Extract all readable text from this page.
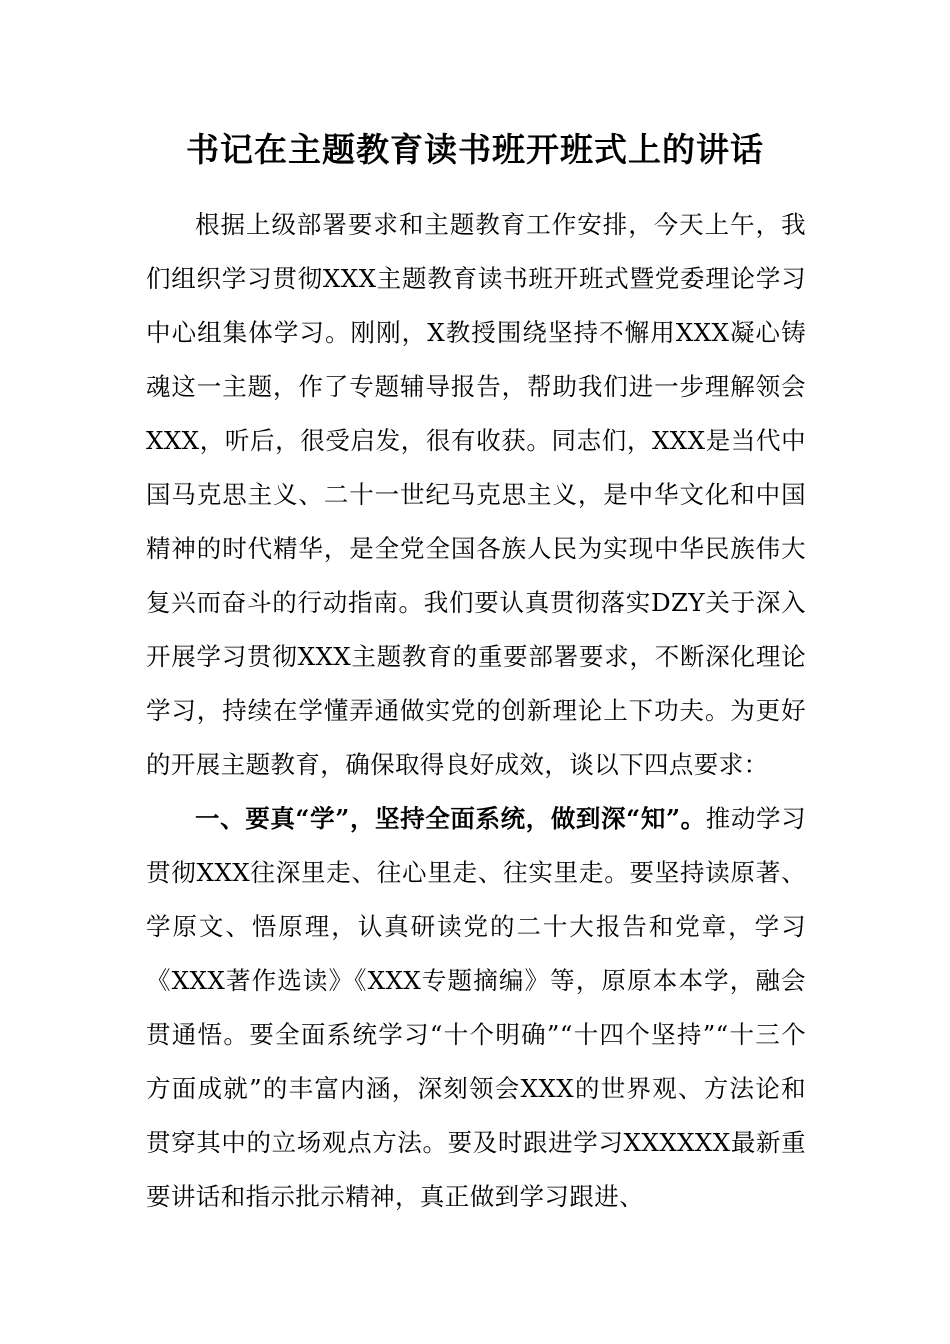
书记在主题教育读书班开班式上的讲话

根据上级部署要求和主题教育工作安排，今天上午，我们组织学习贯彻XXX主题教育读书班开班式暨党委理论学习中心组集体学习。刚刚，X教授围绕坚持不懈用XXX凝心铸魂这一主题，作了专题辅导报告，帮助我们进一步理解领会XXX，听后，很受启发，很有收获。同志们，XXX是当代中国马克思主义、二十一世纪马克思主义，是中华文化和中国精神的时代精华，是全党全国各族人民为实现中华民族伟大复兴而奋斗的行动指南。我们要认真贯彻落实DZY关于深入开展学习贯彻XXX主题教育的重要部署要求，不断深化理论学习，持续在学懂弄通做实党的创新理论上下功夫。为更好的开展主题教育，确保取得良好成效，谈以下四点要求：

一、要真“学”，坚持全面系统，做到深“知”。推动学习贯彻XXX往深里走、往心里走、往实里走。要坚持读原著、学原文、悟原理，认真研读党的二十大报告和党章，学习《XXX著作选读》《XXX专题摘编》等，原原本本学，融会贯通悟。要全面系统学习“十个明确”“十四个坚持”“十三个方面成就”的丰富内涵，深刻领会XXX的世界观、方法论和贯穿其中的立场观点方法。要及时跟进学习XXXXXX最新重要讲话和指示批示精神，真正做到学习跟进、
